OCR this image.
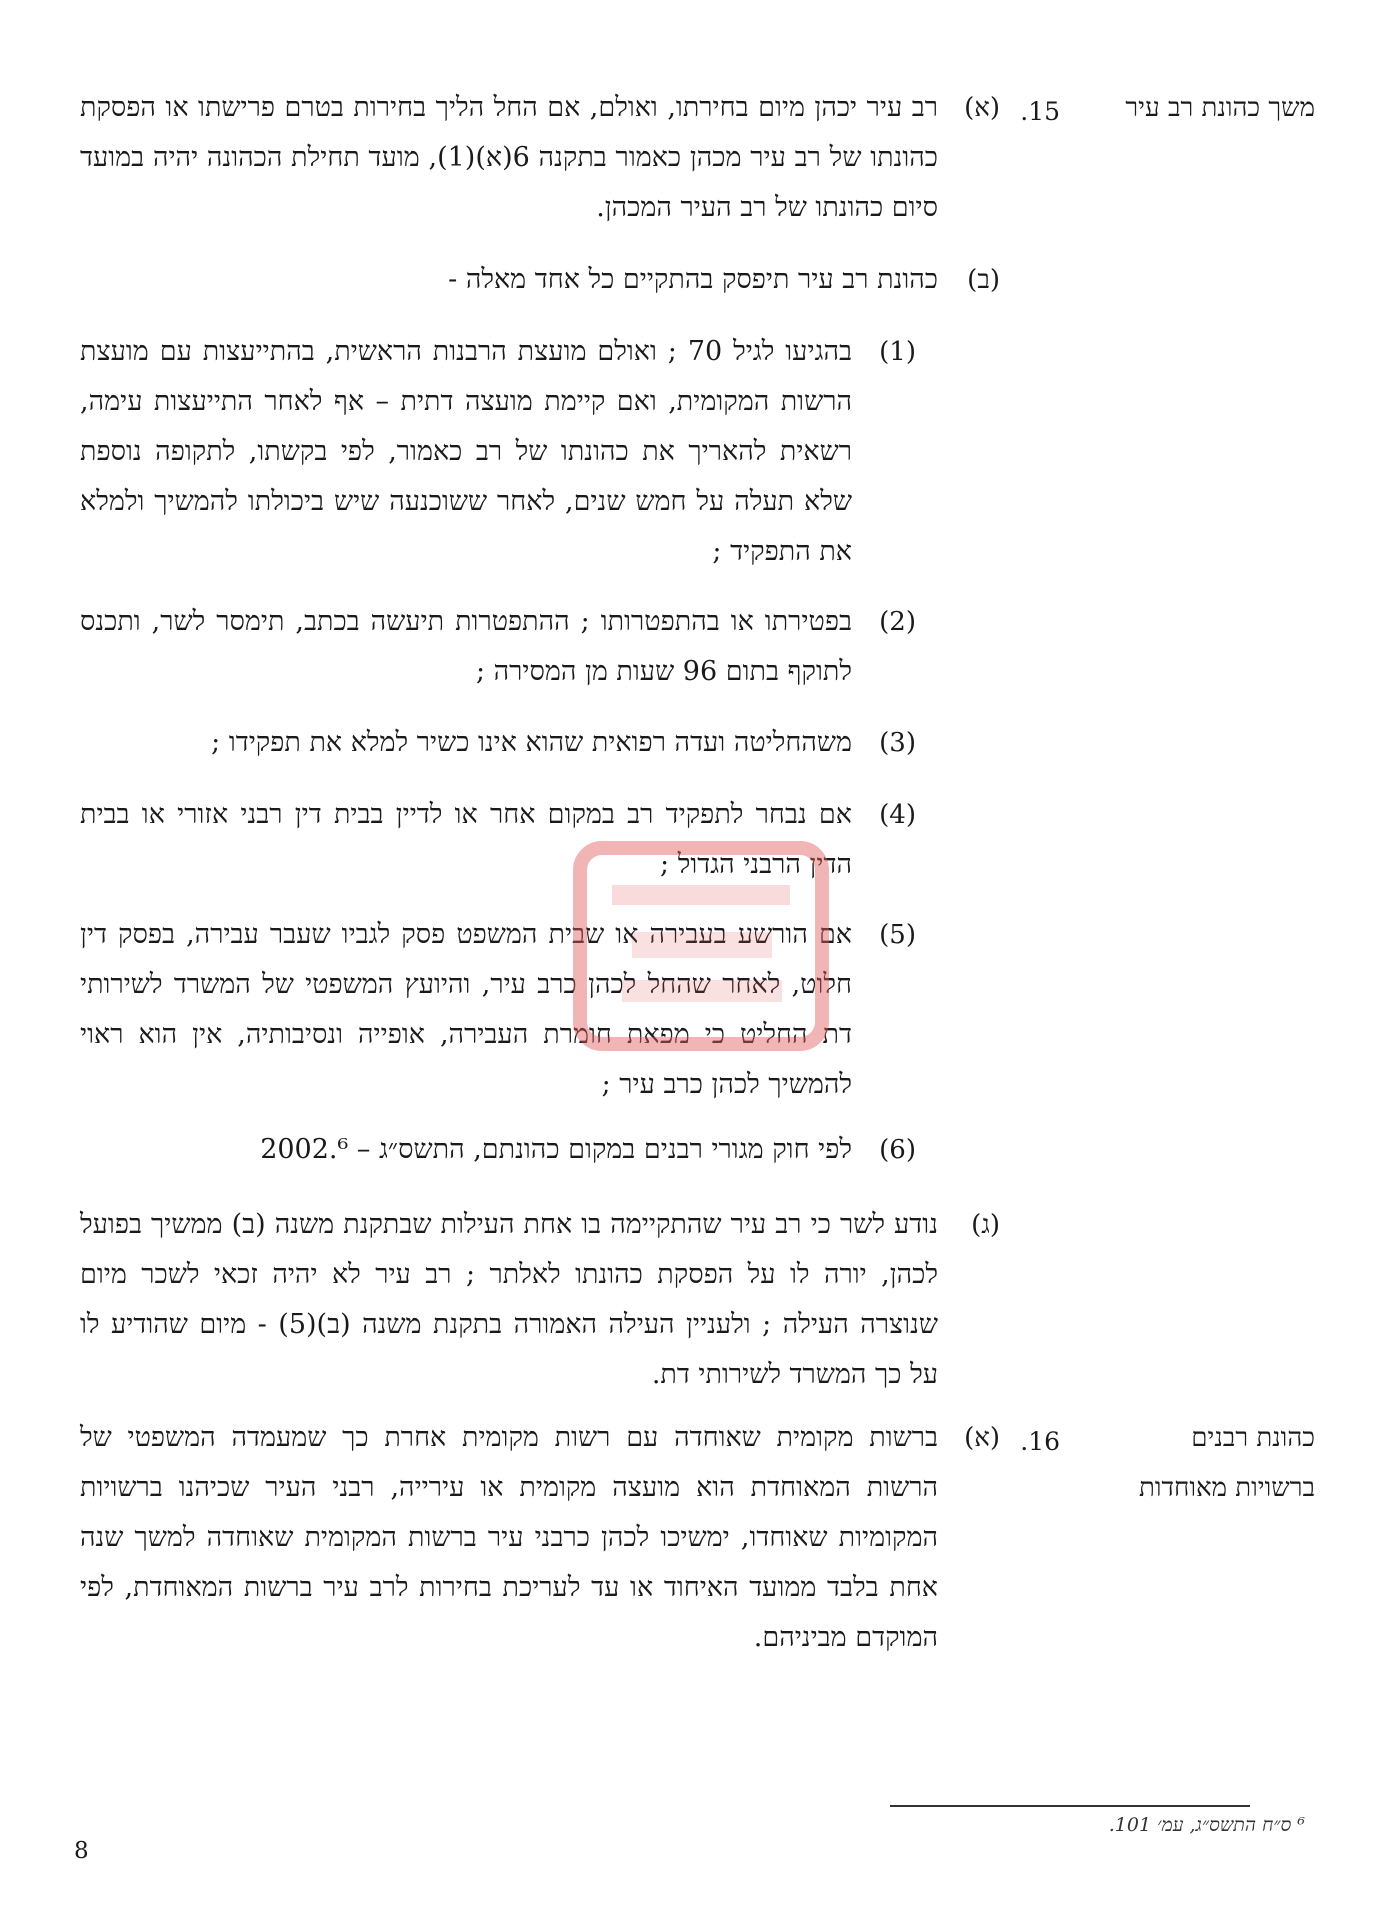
משך כהונת רב עיר
15.
(א)
רב עיר יכהן מיום בחירתו, ואולם, אם החל הליך בחירות בטרם פרישתו או הפסקת כהונתו של רב עיר מכהן כאמור בתקנה 6(א)(1), מועד תחילת הכהונה יהיה במועד סיום כהונתו של רב העיר המכהן.
(ב)
כהונת רב עיר תיפסק בהתקיים כל אחד מאלה -
(1)
בהגיעו לגיל 70 ; ואולם מועצת הרבנות הראשית, בהתייעצות עם מועצת הרשות המקומית, ואם קיימת מועצה דתית – אף לאחר התייעצות עימה, רשאית להאריך את כהונתו של רב כאמור, לפי בקשתו, לתקופה נוספת שלא תעלה על חמש שנים, לאחר ששוכנעה שיש ביכולתו להמשיך ולמלא את התפקיד ;
(2)
בפטירתו או בהתפטרותו ; ההתפטרות תיעשה בכתב, תימסר לשר, ותכנס לתוקף בתום 96 שעות מן המסירה ;
(3)
משהחליטה ועדה רפואית שהוא אינו כשיר למלא את תפקידו ;
(4)
אם נבחר לתפקיד רב במקום אחר או לדיין בבית דין רבני אזורי או בבית הדין הרבני הגדול ;
(5)
אם הורשע בעבירה או שבית המשפט פסק לגביו שעבר עבירה, בפסק דין חלוט, לאחר שהחל לכהן כרב עיר, והיועץ המשפטי של המשרד לשירותי דת החליט כי מפאת חומרת העבירה, אופייה ונסיבותיה, אין הוא ראוי להמשיך לכהן כרב עיר ;
(6)
לפי חוק מגורי רבנים במקום כהונתם, התשס״ג – 2002.⁶
(ג)
נודע לשר כי רב עיר שהתקיימה בו אחת העילות שבתקנת משנה (ב) ממשיך בפועל לכהן, יורה לו על הפסקת כהונתו לאלתר ; רב עיר לא יהיה זכאי לשכר מיום שנוצרה העילה ; ולעניין העילה האמורה בתקנת משנה (ב)(5) - מיום שהודיע לו על כך המשרד לשירותי דת.
כהונת רבנים
ברשויות מאוחדות
16.
(א)
ברשות מקומית שאוחדה עם רשות מקומית אחרת כך שמעמדה המשפטי של הרשות המאוחדת הוא מועצה מקומית או עירייה, רבני העיר שכיהנו ברשויות המקומיות שאוחדו, ימשיכו לכהן כרבני עיר ברשות המקומית שאוחדה למשך שנה אחת בלבד ממועד האיחוד או עד לעריכת בחירות לרב עיר ברשות המאוחדת, לפי המוקדם מביניהם.
⁶ ס״ח התשס״ג, עמ׳ 101.
8
